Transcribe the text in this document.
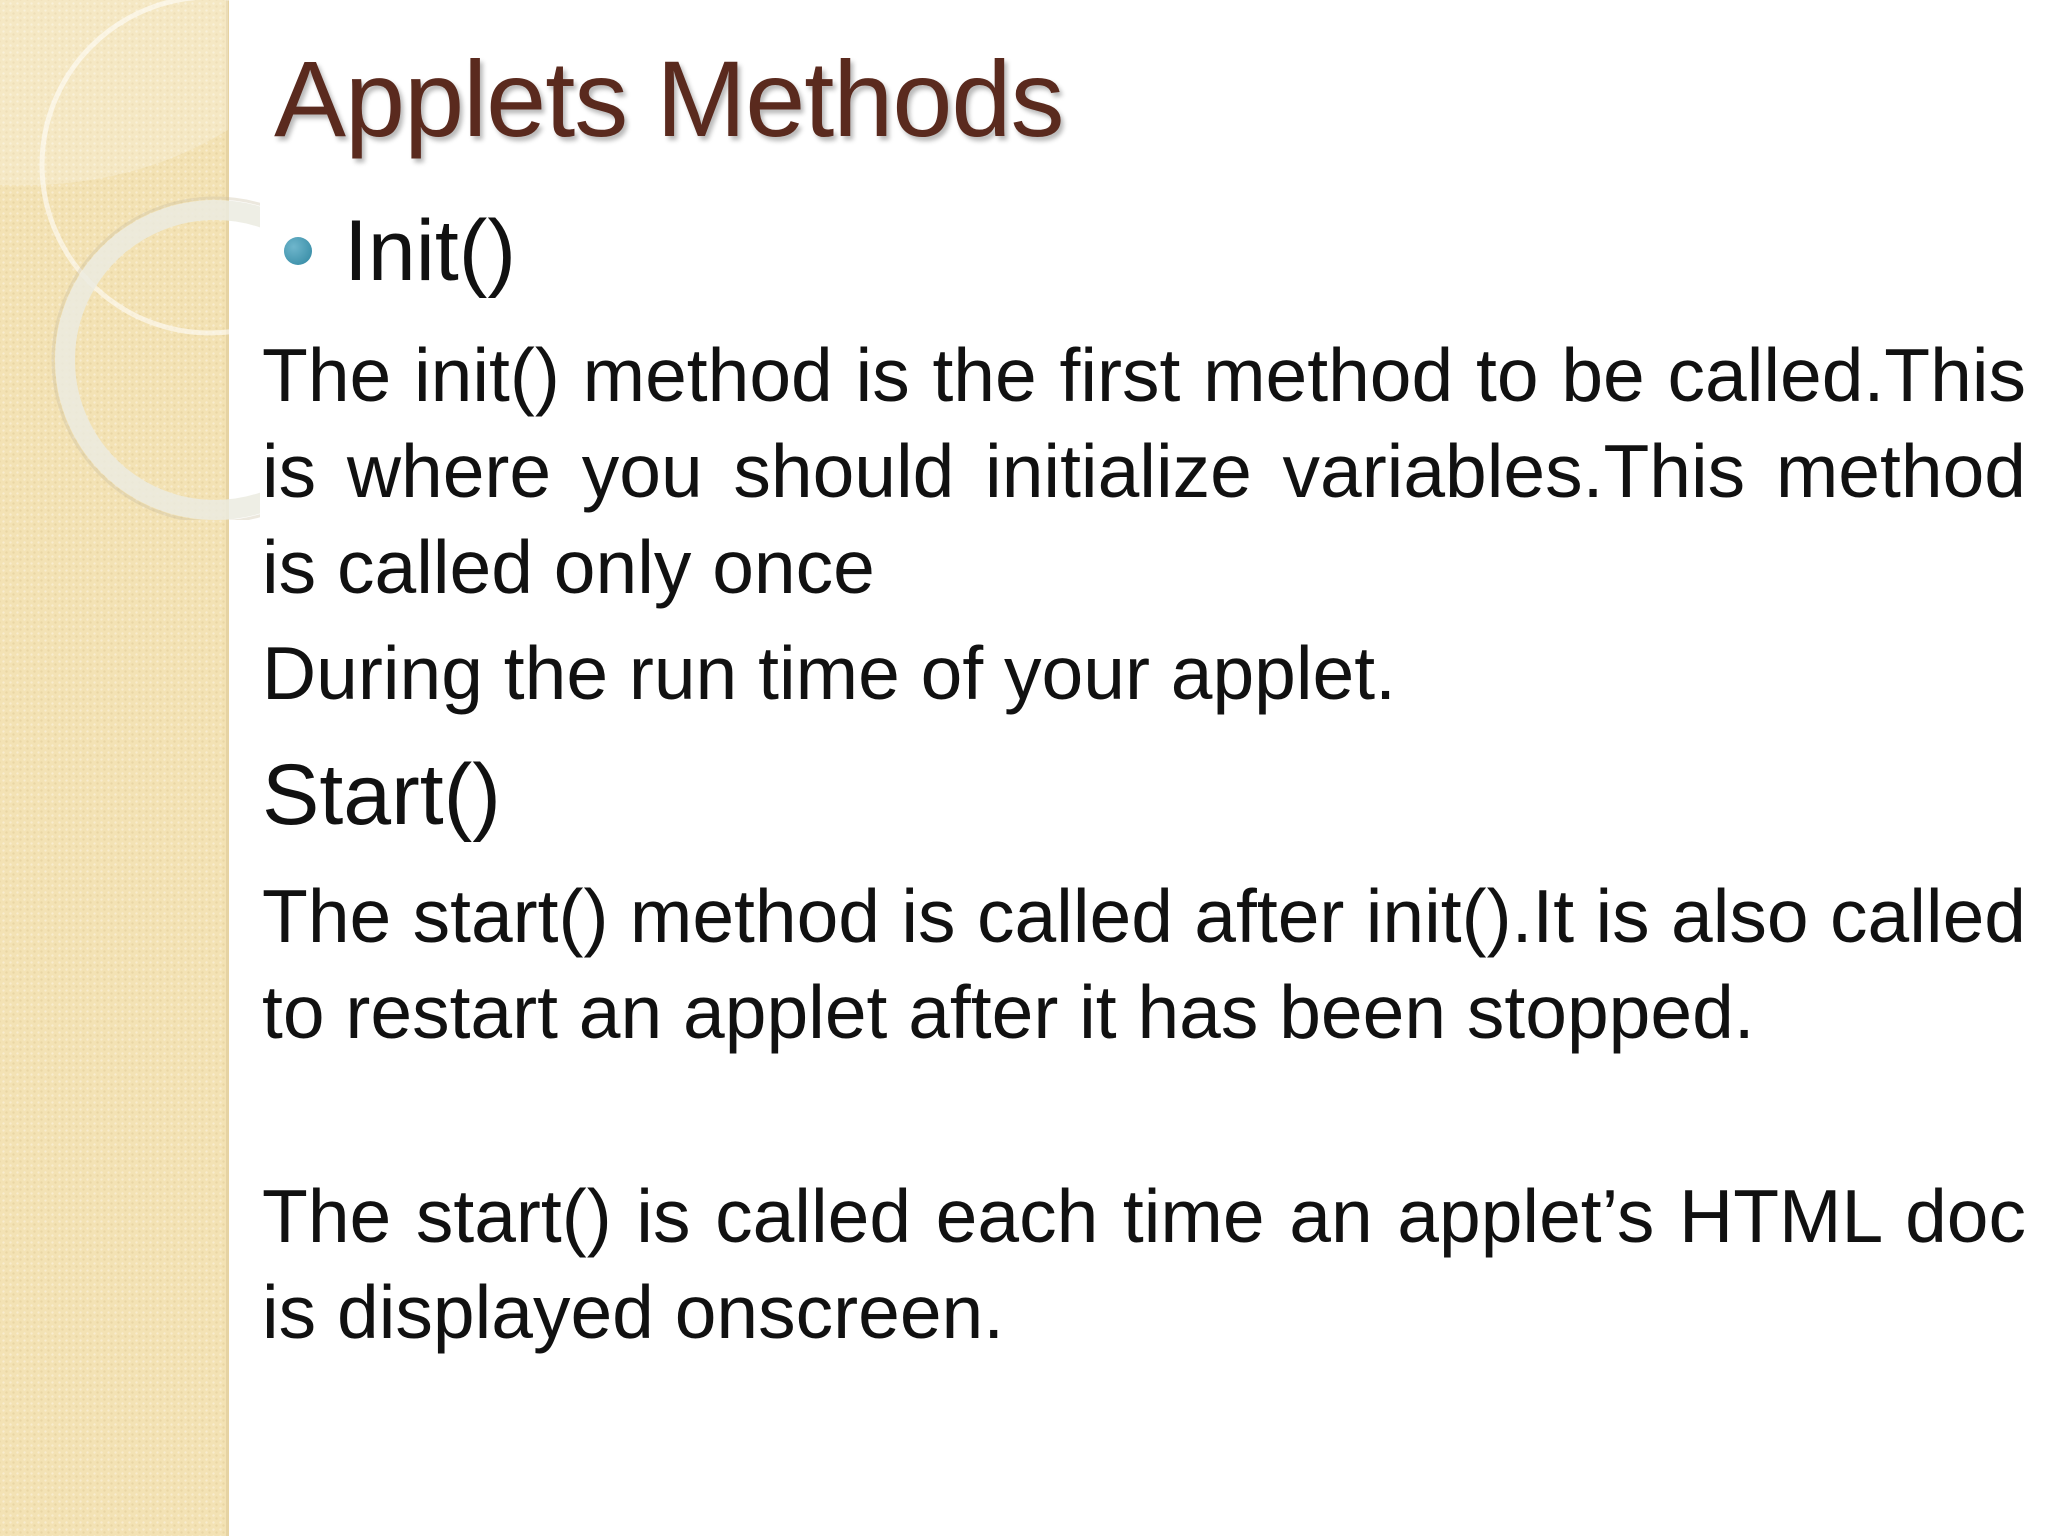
Applets Methods
Init()

The init() method is the first method to be called.This is where you should initialize variables.This method is called only once

During the run time of your applet.

Start()

The start() method is called after init().It is also called to restart an applet after it has been stopped.

The start() is called each time an applet’s HTML doc is displayed onscreen.
